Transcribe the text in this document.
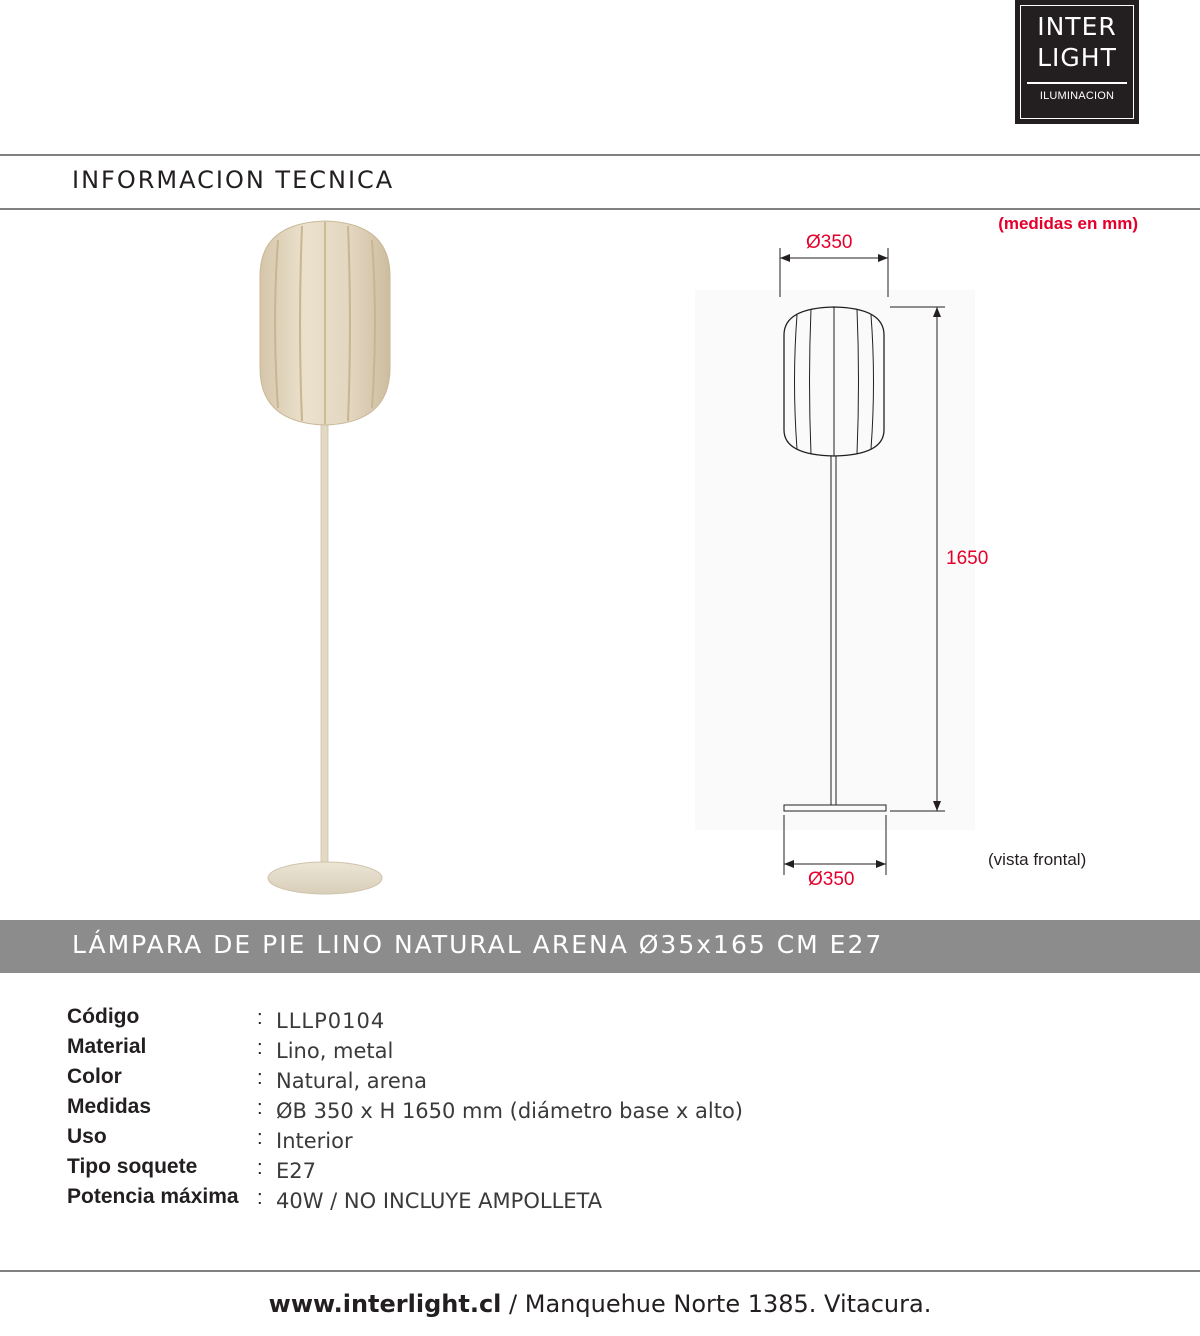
INTER
LIGHT
ILUMINACION
INFORMACION TECNICA
(medidas en mm)
Ø350
1650
Ø350
(vista frontal)
LÁMPARA DE PIE LINO NATURAL ARENA Ø35x165 CM E27
Código	: LLLP0104
Material	: Lino, metal
Color	: Natural, arena
Medidas	: ØB 350 x H 1650 mm (diámetro base x alto)
Uso	: Interior
Tipo soquete	: E27
Potencia máxima : 40W / NO INCLUYE AMPOLLETA
www.interlight.cl / Manquehue Norte 1385. Vitacura.
